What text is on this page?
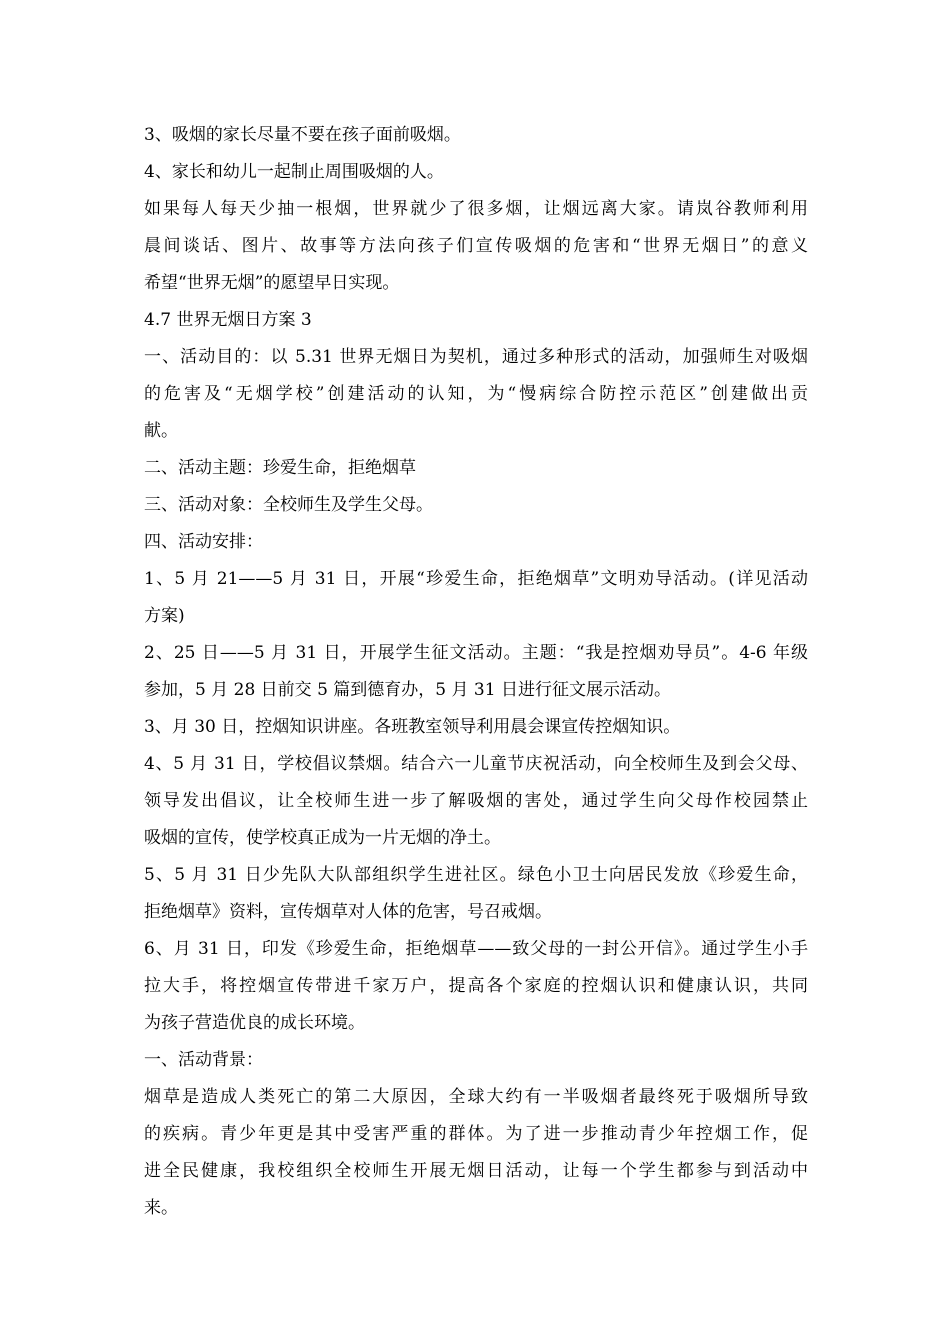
3、吸烟的家长尽量不要在孩子面前吸烟。
4、家长和幼儿一起制止周围吸烟的人。
如果每人每天少抽一根烟，世界就少了很多烟，让烟远离大家。请岚谷教师利用
晨间谈话、图片、故事等方法向孩子们宣传吸烟的危害和“世界无烟日”的意义
希望“世界无烟”的愿望早日实现。
4.7 世界无烟日方案 3
一、活动目的：以 5.31 世界无烟日为契机，通过多种形式的活动，加强师生对吸烟
的危害及“无烟学校”创建活动的认知，为“慢病综合防控示范区”创建做出贡
献。
二、活动主题：珍爱生命，拒绝烟草
三、活动对象：全校师生及学生父母。
四、活动安排：
1、5 月 21——5 月 31 日，开展“珍爱生命，拒绝烟草”文明劝导活动。(详见活动
方案)
2、25 日——5 月 31 日，开展学生征文活动。主题：“我是控烟劝导员”。4-6 年级
参加，5 月 28 日前交 5 篇到德育办，5 月 31 日进行征文展示活动。
3、月 30 日，控烟知识讲座。各班教室领导利用晨会课宣传控烟知识。
4、5 月 31 日，学校倡议禁烟。结合六一儿童节庆祝活动，向全校师生及到会父母、
领导发出倡议，让全校师生进一步了解吸烟的害处，通过学生向父母作校园禁止
吸烟的宣传，使学校真正成为一片无烟的净土。
5、5 月 31 日少先队大队部组织学生进社区。绿色小卫士向居民发放《珍爱生命，
拒绝烟草》资料，宣传烟草对人体的危害，号召戒烟。
6、月 31 日，印发《珍爱生命，拒绝烟草——致父母的一封公开信》。通过学生小手
拉大手，将控烟宣传带进千家万户，提高各个家庭的控烟认识和健康认识，共同
为孩子营造优良的成长环境。
一、活动背景：
烟草是造成人类死亡的第二大原因，全球大约有一半吸烟者最终死于吸烟所导致
的疾病。青少年更是其中受害严重的群体。为了进一步推动青少年控烟工作，促
进全民健康，我校组织全校师生开展无烟日活动，让每一个学生都参与到活动中
来。
